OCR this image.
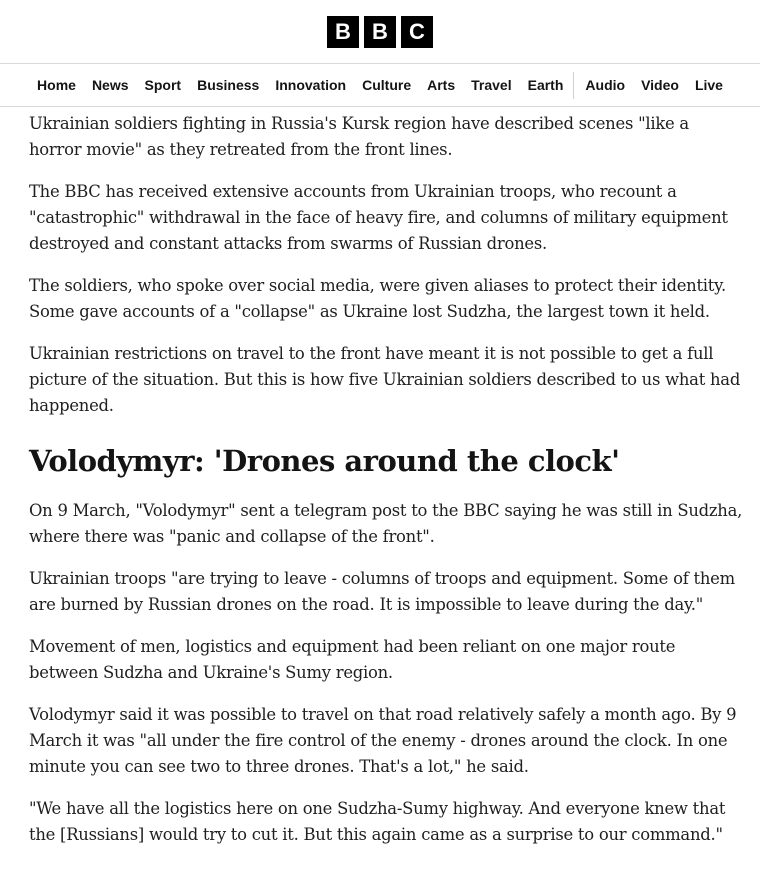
B B C
Home	News	Sport	Business	Innovation	Culture	Arts	Travel	Earth	Audio	Video	Live

Ukrainian soldiers fighting in Russia's Kursk region have described scenes "like a horror movie" as they retreated from the front lines.

The BBC has received extensive accounts from Ukrainian troops, who recount a "catastrophic" withdrawal in the face of heavy fire, and columns of military equipment destroyed and constant attacks from swarms of Russian drones.

The soldiers, who spoke over social media, were given aliases to protect their identity. Some gave accounts of a "collapse" as Ukraine lost Sudzha, the largest town it held.

Ukrainian restrictions on travel to the front have meant it is not possible to get a full picture of the situation. But this is how five Ukrainian soldiers described to us what had happened.

Volodymyr: 'Drones around the clock'

On 9 March, "Volodymyr" sent a telegram post to the BBC saying he was still in Sudzha, where there was "panic and collapse of the front".

Ukrainian troops "are trying to leave - columns of troops and equipment. Some of them are burned by Russian drones on the road. It is impossible to leave during the day."

Movement of men, logistics and equipment had been reliant on one major route between Sudzha and Ukraine's Sumy region.

Volodymyr said it was possible to travel on that road relatively safely a month ago. By 9 March it was "all under the fire control of the enemy - drones around the clock. In one minute you can see two to three drones. That's a lot," he said.

"We have all the logistics here on one Sudzha-Sumy highway. And everyone knew that the [Russians] would try to cut it. But this again came as a surprise to our command."
